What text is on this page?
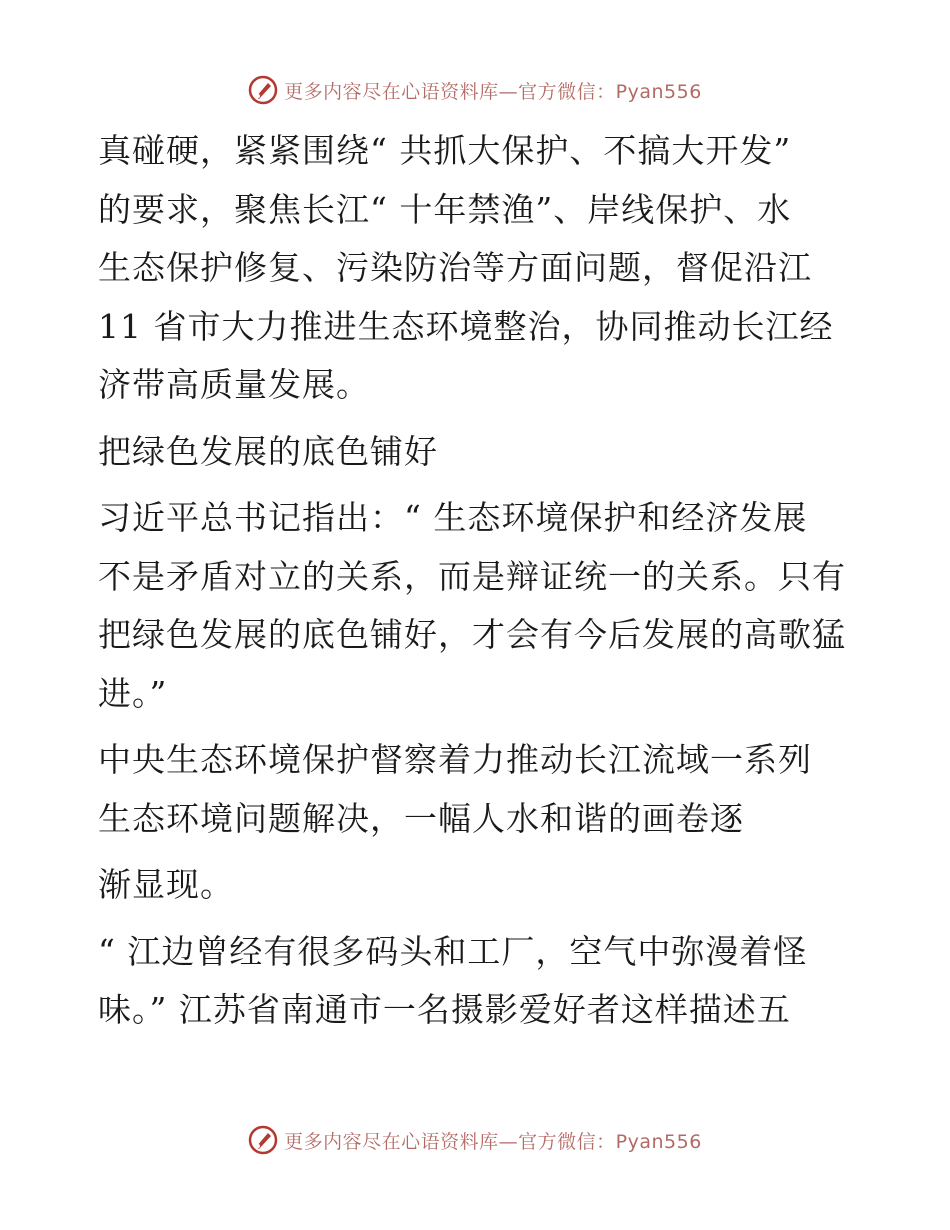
更多内容尽在心语资料库—官方微信：Pyan556
真碰硬，紧紧围绕“ 共抓大保护、不搞大开发”
的要求，聚焦长江“ 十年禁渔”、岸线保护、水
生态保护修复、污染防治等方面问题，督促沿江
11 省市大力推进生态环境整治，协同推动长江经
济带高质量发展。
把绿色发展的底色铺好
习近平总书记指出：“ 生态环境保护和经济发展
不是矛盾对立的关系，而是辩证统一的关系。只有
把绿色发展的底色铺好，才会有今后发展的高歌猛
进。”
中央生态环境保护督察着力推动长江流域一系列
生态环境问题解决，一幅人水和谐的画卷逐
渐显现。
“ 江边曾经有很多码头和工厂，空气中弥漫着怪
味。” 江苏省南通市一名摄影爱好者这样描述五
更多内容尽在心语资料库—官方微信：Pyan556
